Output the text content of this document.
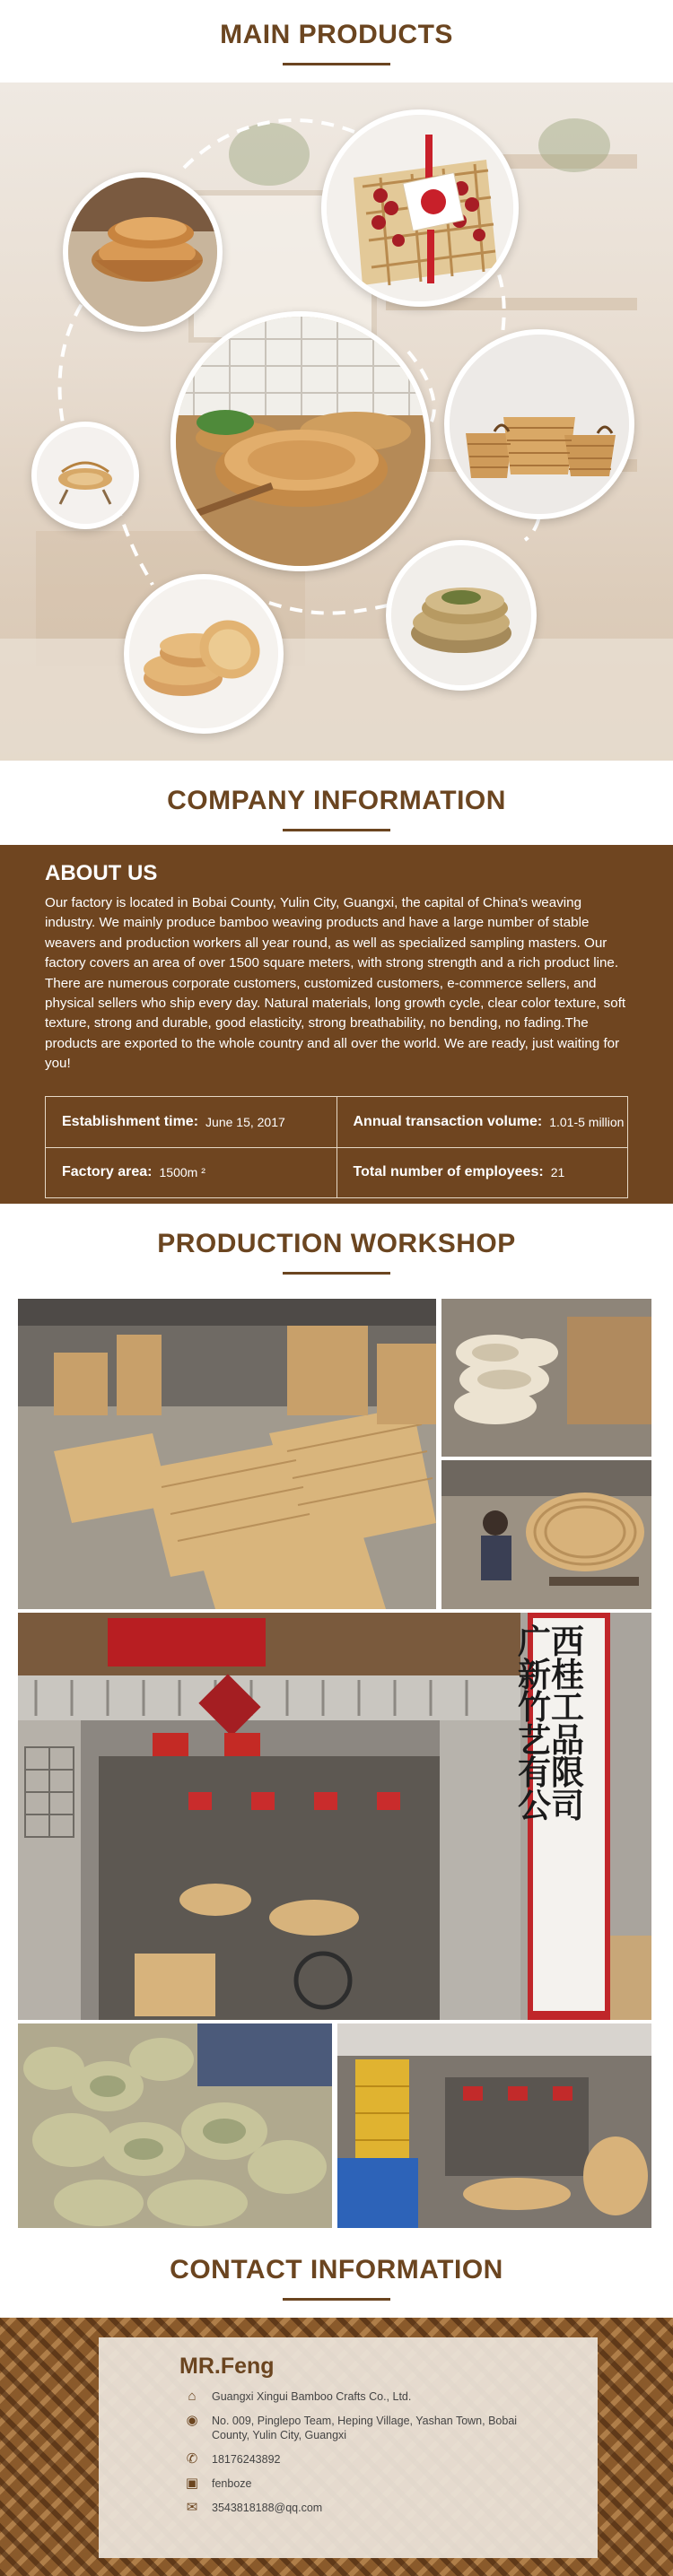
MAIN PRODUCTS
COMPANY INFORMATION
ABOUT US
Our factory is located in Bobai County, Yulin City, Guangxi, the capital of China's weaving industry. We mainly produce bamboo weaving products and have a large number of stable weavers and production workers all year round, as well as specialized sampling masters. Our factory covers an area of over 1500 square meters, with strong strength and a rich product line. There are numerous corporate customers, customized customers, e-commerce sellers, and physical sellers who ship every day. Natural materials, long growth cycle, clear color texture, soft texture, strong and durable, good elasticity, strong breathability, no bending, no fading.The products are exported to the whole country and all over the world. We are ready, just waiting for you!
Establishment time: June 15, 2017	Annual transaction volume: 1.01-5 million
Factory area: 1500m ²	Total number of employees: 21
PRODUCTION WORKSHOP
广西新桂竹工艺品有限公司
CONTACT INFORMATION
MR.Feng
⌂	Guangxi Xingui Bamboo Crafts Co., Ltd.
◉ No. 009, Pinglepo Team, Heping Village, Yashan Town, Bobai County, Yulin City, Guangxi
✆ 18176243892
▣ fenboze
✉ 3543818188@qq.com
